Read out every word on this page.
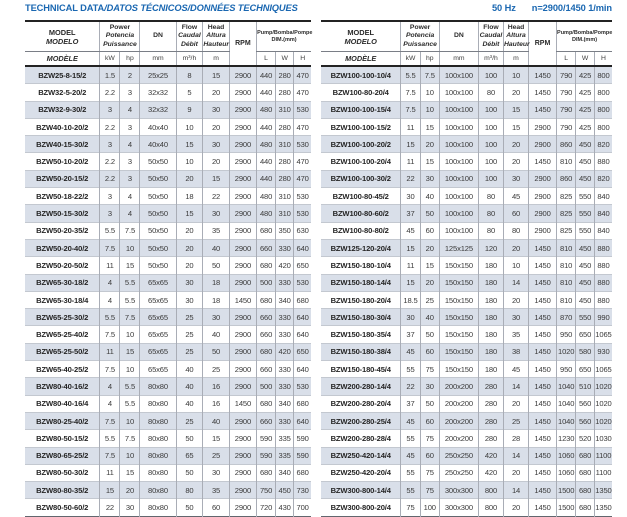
TECHNICAL DATA/DATOS TÉCNICOS/DONNÉES TECHNIQUES	50 Hz n=2900/1450 1/min
MODEL
MODELO

Power
Potencia
Puissance

DN

Flow
Caudal
Débit

Head
Altura
Hauteur	RPM	
Pump/Bomba/Pompe
DIM.(mm)

MODÈLE	kW	hp	mm	m³/h	m		L	W	H
BZW25-8-15/2	1.5	2	25x25	8	15	2900	440	280	470
BZW32-5-20/2	2.2	3	32x32	5	20	2900	440	280	470
BZW32-9-30/2	3	4	32x32	9	30	2900	480	310	530
BZW40-10-20/2	2.2	3	40x40	10	20	2900	440	280	470
BZW40-15-30/2	3	4	40x40	15	30	2900	480	310	530
BZW50-10-20/2	2.2	3	50x50	10	20	2900	440	280	470
BZW50-20-15/2	2.2	3	50x50	20	15	2900	440	280	470
BZW50-18-22/2	3	4	50x50	18	22	2900	480	310	530
BZW50-15-30/2	3	4	50x50	15	30	2900	480	310	530
BZW50-20-35/2	5.5	7.5	50x50	20	35	2900	680	350	630
BZW50-20-40/2	7.5	10	50x50	20	40	2900	660	330	640
BZW50-20-50/2	11	15	50x50	20	50	2900	680	420	650
BZW65-30-18/2	4	5.5	65x65	30	18	2900	500	330	530
BZW65-30-18/4	4	5.5	65x65	30	18	1450	680	340	680
BZW65-25-30/2	5.5	7.5	65x65	25	30	2900	660	330	640
BZW65-25-40/2	7.5	10	65x65	25	40	2900	660	330	640
BZW65-25-50/2	11	15	65x65	25	50	2900	680	420	650
BZW65-40-25/2	7.5	10	65x65	40	25	2900	660	330	640
BZW80-40-16/2	4	5.5	80x80	40	16	2900	500	330	530
BZW80-40-16/4	4	5.5	80x80	40	16	1450	680	340	680
BZW80-25-40/2	7.5	10	80x80	25	40	2900	660	330	640
BZW80-50-15/2	5.5	7.5	80x80	50	15	2900	590	335	590
BZW80-65-25/2	7.5	10	80x80	65	25	2900	590	335	590
BZW80-50-30/2	11	15	80x80	50	30	2900	680	340	680
BZW80-80-35/2	15	20	80x80	80	35	2900	750	450	730
BZW80-50-60/2	22	30	80x80	50	60	2900	720	430	700
MODEL
MODELO

Power
Potencia
Puissance

DN

Flow
Caudal
Débit

Head
Altura
Hauteur	RPM	
Pump/Bomba/Pompe
DIM.(mm)

MODÈLE	kW	hp	mm	m³/h	m		L	W	H
BZW100-100-10/4	5.5	7.5	100x100	100	10	1450	790	425	800
BZW100-80-20/4	7.5	10	100x100	80	20	1450	790	425	800
BZW100-100-15/4	7.5	10	100x100	100	15	1450	790	425	800
BZW100-100-15/2	11	15	100x100	100	15	2900	790	425	800
BZW100-100-20/2	15	20	100x100	100	20	2900	860	450	820
BZW100-100-20/4	11	15	100x100	100	20	1450	810	450	880
BZW100-100-30/2	22	30	100x100	100	30	2900	860	450	820
BZW100-80-45/2	30	40	100x100	80	45	2900	825	550	840
BZW100-80-60/2	37	50	100x100	80	60	2900	825	550	840
BZW100-80-80/2	45	60	100x100	80	80	2900	825	550	840
BZW125-120-20/4	15	20	125x125	120	20	1450	810	450	880
BZW150-180-10/4	11	15	150x150	180	10	1450	810	450	880
BZW150-180-14/4	15	20	150x150	180	14	1450	810	450	880
BZW150-180-20/4	18.5	25	150x150	180	20	1450	810	450	880
BZW150-180-30/4	30	40	150x150	180	30	1450	870	550	990
BZW150-180-35/4	37	50	150x150	180	35	1450	950	650	1065
BZW150-180-38/4	45	60	150x150	180	38	1450	1020	580	930
BZW150-180-45/4	55	75	150x150	180	45	1450	950	650	1065
BZW200-280-14/4	22	30	200x200	280	14	1450	1040	510	1020
BZW200-280-20/4	37	50	200x200	280	20	1450	1040	560	1020
BZW200-280-25/4	45	60	200x200	280	25	1450	1040	560	1020
BZW200-280-28/4	55	75	200x200	280	28	1450	1230	520	1030
BZW250-420-14/4	45	60	250x250	420	14	1450	1060	680	1100
BZW250-420-20/4	55	75	250x250	420	20	1450	1060	680	1100
BZW300-800-14/4	55	75	300x300	800	14	1450	1500	680	1350
BZW300-800-20/4	75	100	300x300	800	20	1450	1500	680	1350
